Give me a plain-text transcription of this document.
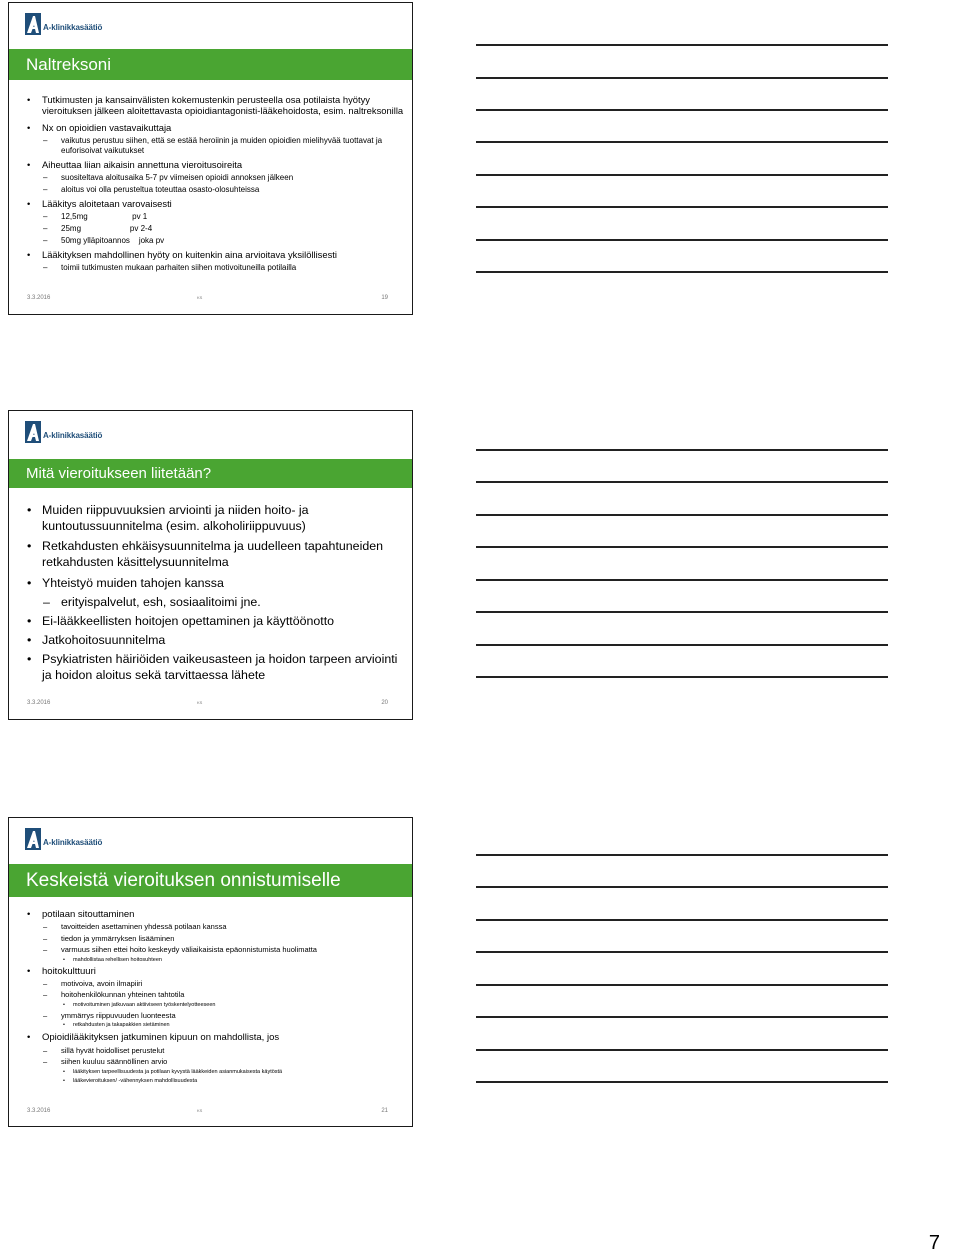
A-klinikkasäätiö
Naltreksoni
• Tutkimusten ja kansainvälisten kokemustenkin perusteella osa potilaista hyötyy vieroituksen jälkeen aloitettavasta opioidiantagonisti-lääkehoidosta, esim. naltreksonilla
• Nx on opioidien vastavaikuttaja
– vaikutus perustuu siihen, että se estää heroiinin ja muiden opioidien mielihyvää tuottavat ja euforisoivat vaikutukset
• Aiheuttaa liian aikaisin annettuna vieroitusoireita
– suositeltava aloitusaika 5-7 pv viimeisen opioidi annoksen jälkeen
– aloitus voi olla perusteltua toteuttaa osasto-olosuhteissa
• Lääkitys aloitetaan varovaisesti
– 12,5mg                    pv 1
– 25mg                      pv 2-4
– 50mg ylläpitoannos    joka pv
• Lääkityksen mahdollinen hyöty on kuitenkin aina arvioitava yksilöllisesti
– toimii tutkimusten mukaan parhaiten siihen motivoituneilla potilailla
3.3.2016	KS	19
A-klinikkasäätiö
Mitä vieroitukseen liitetään?
• Muiden riippuvuuksien arviointi ja niiden hoito- ja kuntoutussuunnitelma (esim. alkoholiriippuvuus)
• Retkahdusten ehkäisysuunnitelma ja uudelleen tapahtuneiden retkahdusten käsittelysuunnitelma
• Yhteistyö muiden tahojen kanssa
– erityispalvelut, esh, sosiaalitoimi jne.
• Ei-lääkkeellisten hoitojen opettaminen ja käyttöönotto
• Jatkohoitosuunnitelma
• Psykiatristen häiriöiden vaikeusasteen ja hoidon tarpeen arviointi ja hoidon aloitus sekä tarvittaessa lähete
3.3.2016	KS	20
A-klinikkasäätiö
Keskeistä vieroituksen onnistumiselle
• potilaan sitouttaminen
– tavoitteiden asettaminen yhdessä potilaan kanssa
– tiedon ja ymmärryksen lisääminen
– varmuus siihen ettei hoito keskeydy väliaikaisista epäonnistumista huolimatta
• mahdollistaa rehellisen hoitosuhteen
• hoitokulttuuri
– motivoiva, avoin ilmapiiri
– hoitohenkilökunnan yhteinen tahtotila
• motivoituminen jatkuvaan aktiiviseen työskentelyotteeseen
– ymmärrys riippuvuuden luonteesta
• retkahdusten ja takapakkien sietäminen
• Opioidilääkityksen jatkuminen kipuun on mahdollista, jos
– sillä hyvät hoidolliset perustelut
– siihen kuuluu säännöllinen arvio
• lääkityksen tarpeellisuudesta ja potilaan kyvystä lääkkeiden asianmukaisesta käytöstä
• lääkevieroituksen/ -vähennyksen mahdollisuudesta
3.3.2016	KS	21
7
